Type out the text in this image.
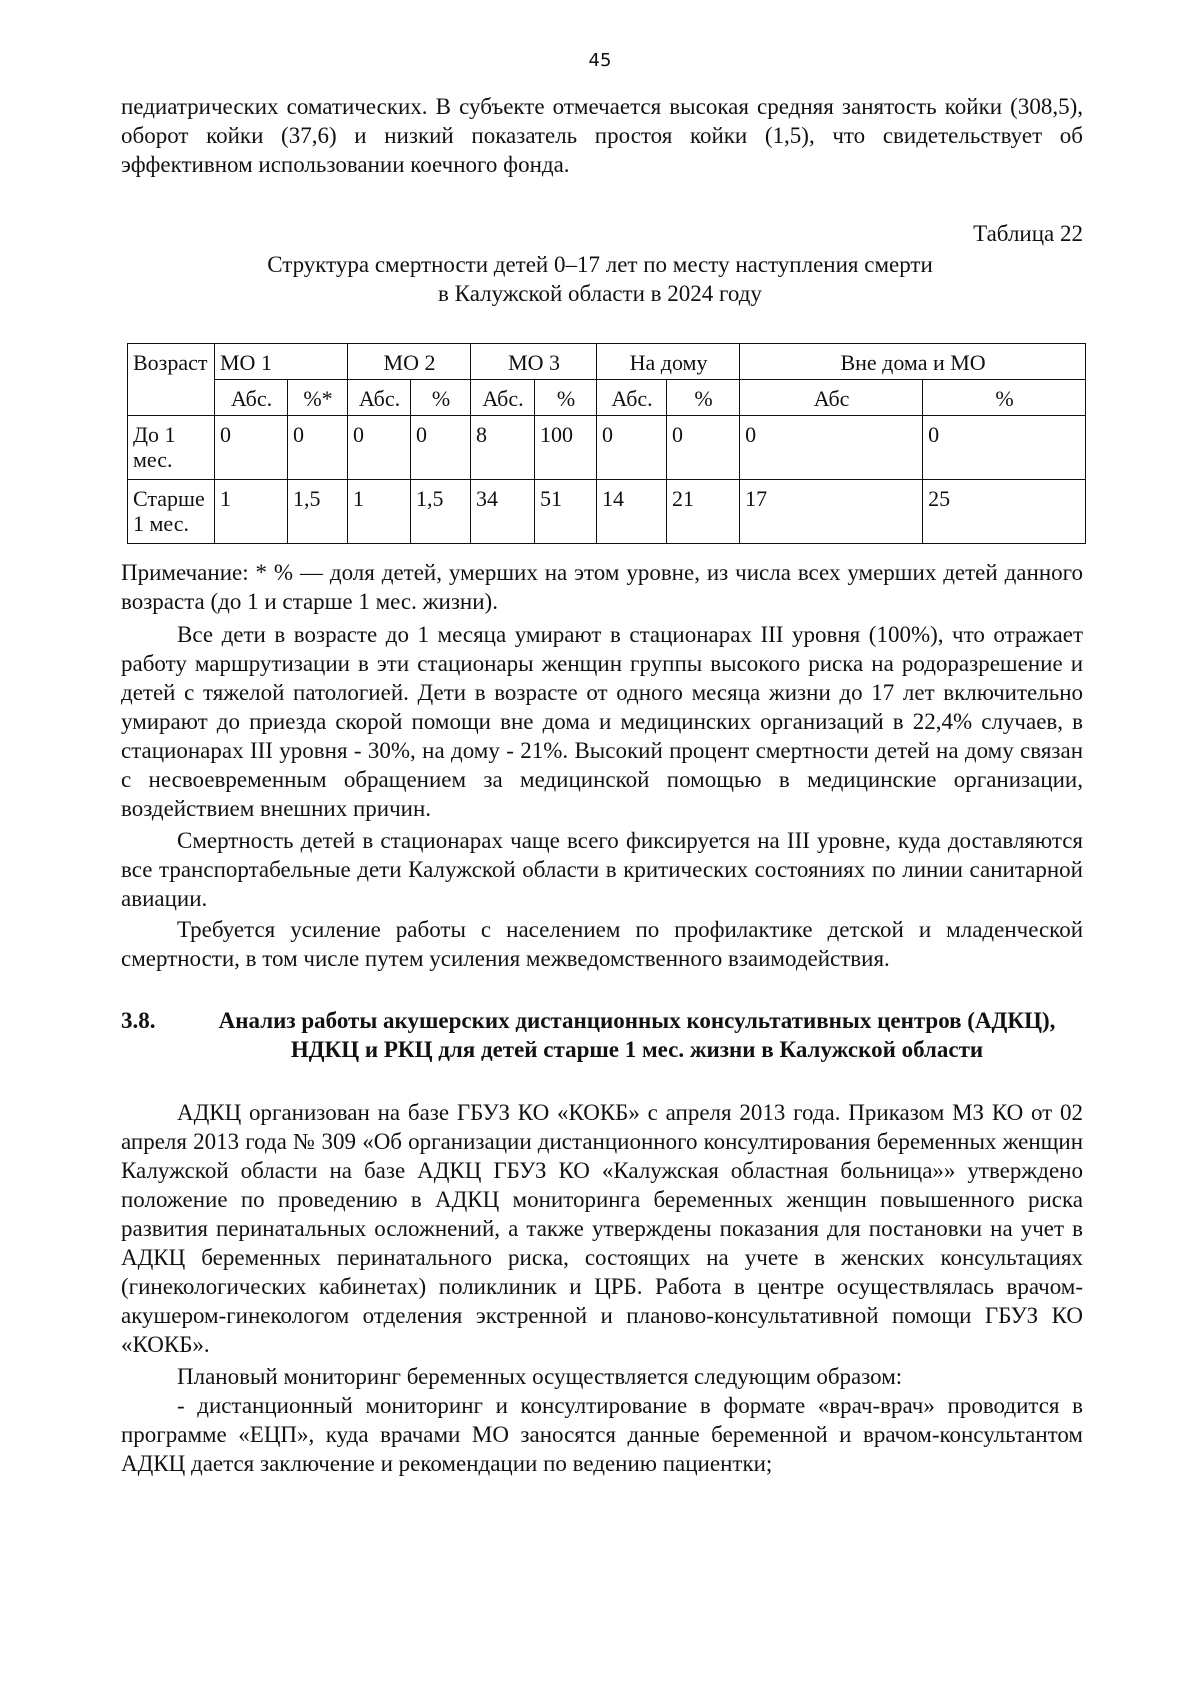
45

педиатрических соматических. В субъекте отмечается высокая средняя занятость койки (308,5), оборот койки (37,6) и низкий показатель простоя койки (1,5), что свидетельствует об эффективном использовании коечного фонда.

Таблица 22

Структура смертности детей 0–17 лет по месту наступления смерти
в Калужской области в 2024 году
Возраст	МО 1		МО 2		МО 3		На дому		Вне дома и МО	
	Абс.	%*	Абс.	%	Абс.	%	Абс.	%	Абс	%
До 1 мес.	0	0	0	0	8	100	0	0	0	0
Старше 1 мес.	1	1,5	1	1,5	34	51	14	21	17	25

Примечание: * % — доля детей, умерших на этом уровне, из числа всех умерших детей данного возраста (до 1 и старше 1 мес. жизни).

Все дети в возрасте до 1 месяца умирают в стационарах III уровня (100%), что отражает работу маршрутизации в эти стационары женщин группы высокого риска на родоразрешение и детей с тяжелой патологией. Дети в возрасте от одного месяца жизни до 17 лет включительно умирают до приезда скорой помощи вне дома и медицинских организаций в 22,4% случаев, в стационарах III уровня - 30%, на дому - 21%. Высокий процент смертности детей на дому связан с несвоевременным обращением за медицинской помощью в медицинские организации, воздействием внешних причин.

Смертность детей в стационарах чаще всего фиксируется на III уровне, куда доставляются все транспортабельные дети Калужской области в критических состояниях по линии санитарной авиации.

Требуется усиление работы с населением по профилактике детской и младенческой смертности, в том числе путем усиления межведомственного взаимодействия.

3.8.	Анализ работы акушерских дистанционных консультативных центров (АДКЦ), НДКЦ и РКЦ для детей старше 1 мес. жизни в Калужской области

АДКЦ организован на базе ГБУЗ КО «КОКБ» с апреля 2013 года. Приказом МЗ КО от 02 апреля 2013 года № 309 «Об организации дистанционного консултирования беременных женщин Калужской области на базе АДКЦ ГБУЗ КО «Калужская областная больница»» утверждено положение по проведению в АДКЦ мониторинга беременных женщин повышенного риска развития перинатальных осложнений, а также утверждены показания для постановки на учет в АДКЦ беременных перинатального риска, состоящих на учете в женских консультациях (гинекологических кабинетах) поликлиник и ЦРБ. Работа в центре осуществлялась врачом-акушером-гинекологом отделения экстренной и планово-консультативной помощи ГБУЗ КО «КОКБ».

Плановый мониторинг беременных осуществляется следующим образом:

- дистанционный мониторинг и консултирование в формате «врач-врач» проводится в программе «ЕЦП», куда врачами МО заносятся данные беременной и врачом-консультантом АДКЦ дается заключение и рекомендации по ведению пациентки;
